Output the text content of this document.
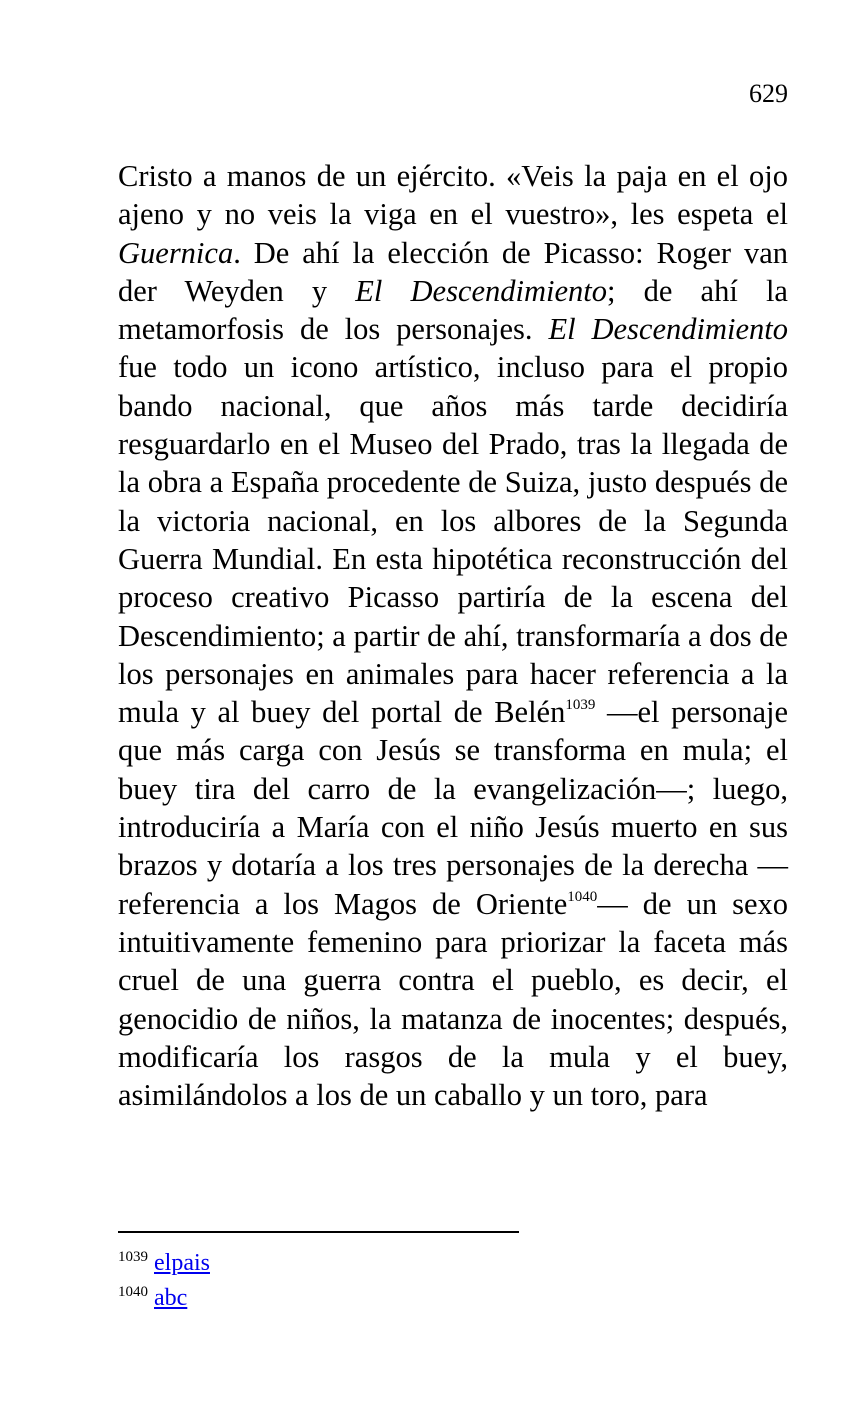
629

Cristo a manos de un ejército. «Veis la paja en el ojo ajeno y no veis la viga en el vuestro», les espeta el Guernica. De ahí la elección de Picasso: Roger van der Weyden y El Descendimiento; de ahí la metamorfosis de los personajes. El Descendimiento fue todo un icono artístico, incluso para el propio bando nacional, que años más tarde decidiría resguardarlo en el Museo del Prado, tras la llegada de la obra a España procedente de Suiza, justo después de la victoria nacional, en los albores de la Segunda Guerra Mundial. En esta hipotética reconstrucción del proceso creativo Picasso partiría de la escena del Descendimiento; a partir de ahí, transformaría a dos de los personajes en animales para hacer referencia a la mula y al buey del portal de Belén$^{1039}$ —el personaje que más carga con Jesús se transforma en mula; el buey tira del carro de la evangelización—; luego, introduciría a María con el niño Jesús muerto en sus brazos y dotaría a los tres personajes de la derecha —referencia a los Magos de Oriente$^{1040}$— de un sexo intuitivamente femenino para priorizar la faceta más cruel de una guerra contra el pueblo, es decir, el genocidio de niños, la matanza de inocentes; después, modificaría los rasgos de la mula y el buey, asimilándolos a los de un caballo y un toro, para

$^{1039}$ elpais
$^{1040}$ abc
